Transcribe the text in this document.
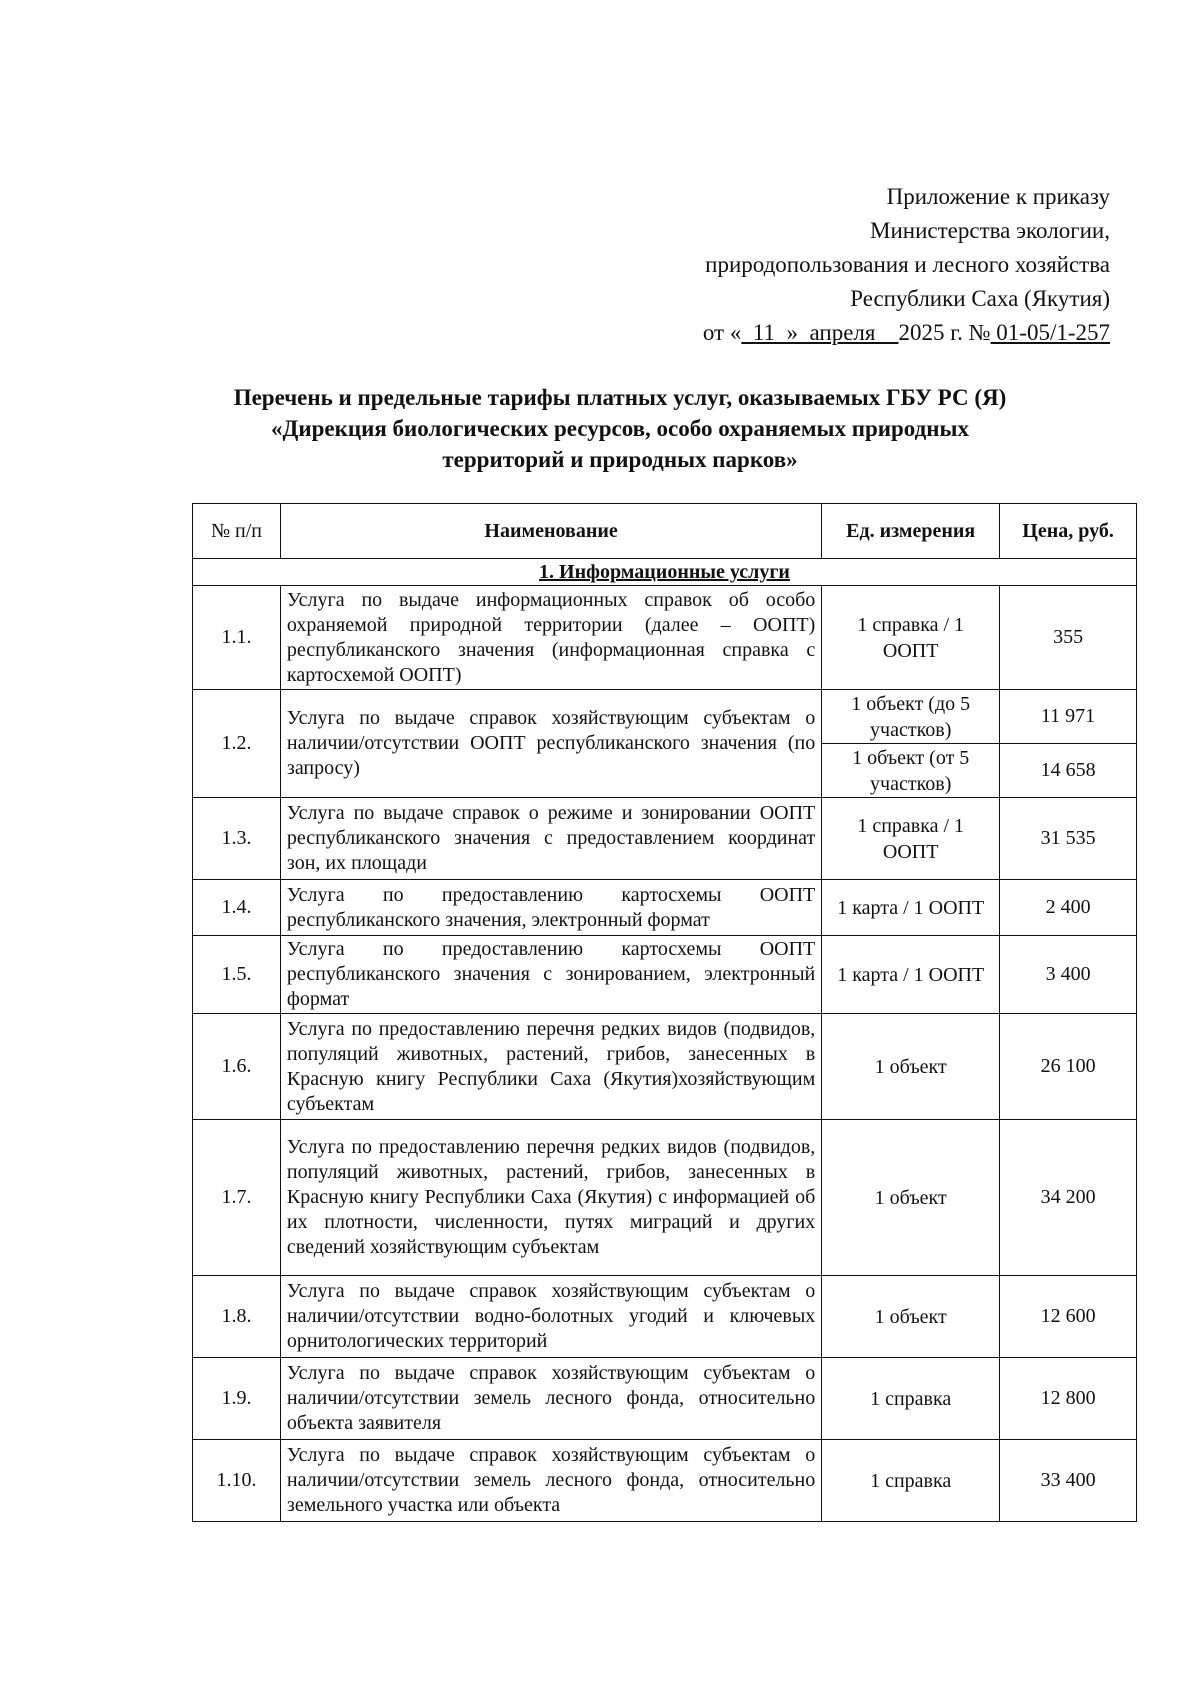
Приложение к приказу
Министерства экологии,
природопользования и лесного хозяйства
Республики Саха (Якутия)
от «  11  »  апреля    2025 г. № 01-05/1-257
Перечень и предельные тарифы платных услуг, оказываемых ГБУ РС (Я)
«Дирекция биологических ресурсов, особо охраняемых природных
территорий и природных парков»
№ п/п	Наименование	Ед. измерения	Цена, руб.
1. Информационные услуги			
1.1.	Услуга по выдаче информационных справок об особо охраняемой природной территории (далее – ООПТ) республиканского значения (информационная справка с картосхемой ООПТ)	1 справка / 1 ООПТ	355
1.2.	Услуга по выдаче справок хозяйствующим субъектам о наличии/отсутствии ООПТ республиканского значения (по запросу)	1 объект (до 5 участков)	11 971
		1 объект (от 5 участков)	14 658
1.3.	Услуга по выдаче справок о режиме и зонировании ООПТ республиканского значения с предоставлением координат зон, их площади	1 справка / 1 ООПТ	31 535
1.4.	Услуга по предоставлению картосхемы ООПТ республиканского значения, электронный формат	1 карта / 1 ООПТ	2 400
1.5.	Услуга по предоставлению картосхемы ООПТ республиканского значения с зонированием, электронный формат	1 карта / 1 ООПТ	3 400
1.6.	Услуга по предоставлению перечня редких видов (подвидов, популяций животных, растений, грибов, занесенных в Красную книгу Республики Саха (Якутия)хозяйствующим субъектам	1 объект	26 100
1.7.	Услуга по предоставлению перечня редких видов (подвидов, популяций животных, растений, грибов, занесенных в Красную книгу Республики Саха (Якутия) с информацией об их плотности, численности, путях миграций и других сведений хозяйствующим субъектам	1 объект	34 200
1.8.	Услуга по выдаче справок хозяйствующим субъектам о наличии/отсутствии водно-болотных угодий и ключевых орнитологических территорий	1 объект	12 600
1.9.	Услуга по выдаче справок хозяйствующим субъектам о наличии/отсутствии земель лесного фонда, относительно объекта заявителя	1 справка	12 800
1.10.	Услуга по выдаче справок хозяйствующим субъектам о наличии/отсутствии земель лесного фонда, относительно земельного участка или объекта	1 справка	33 400
